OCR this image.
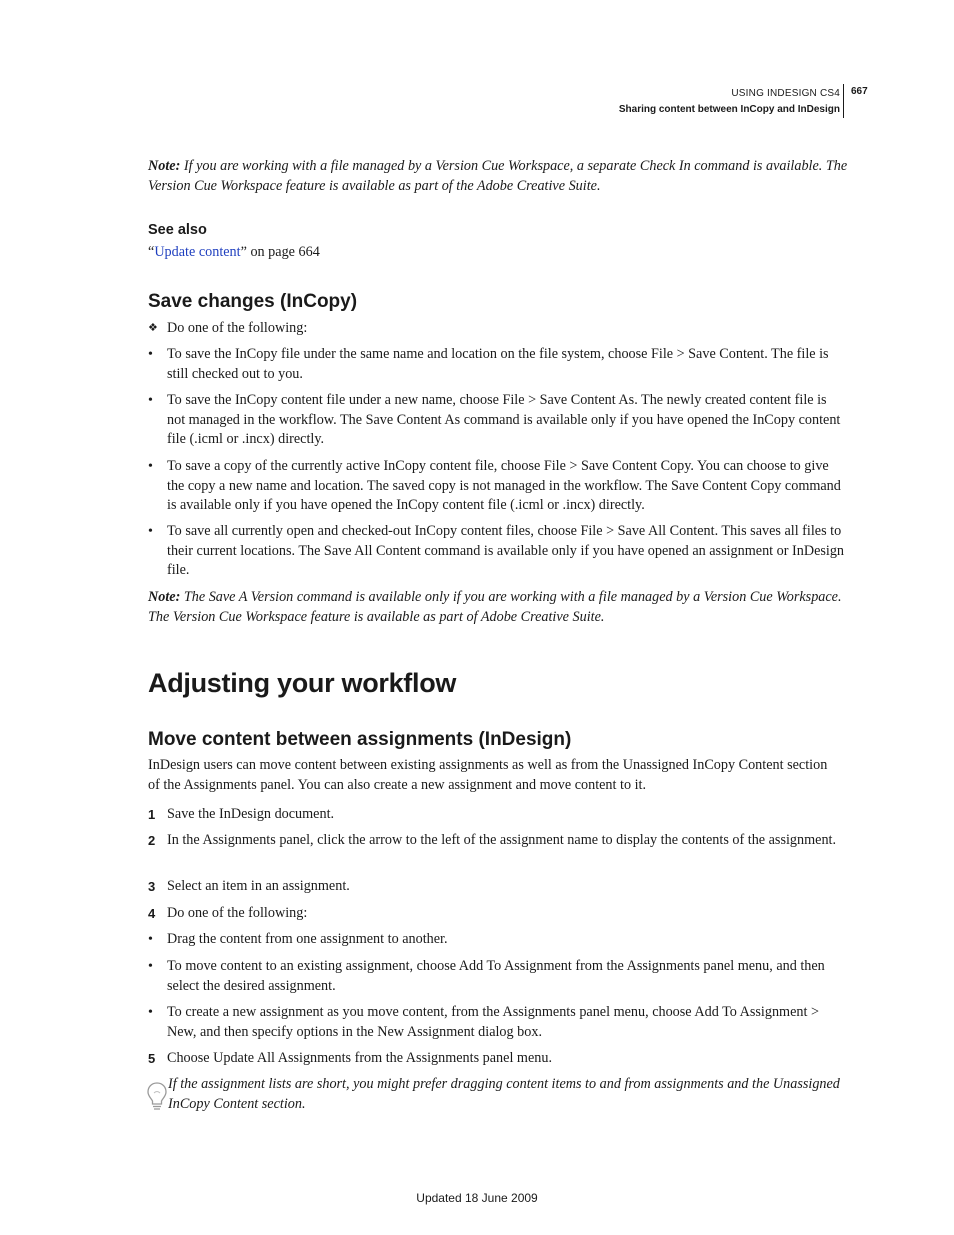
USING INDESIGN CS4
Sharing content between InCopy and InDesign
667
Note: If you are working with a file managed by a Version Cue Workspace, a separate Check In command is available. The Version Cue Workspace feature is available as part of the Adobe Creative Suite.
See also
“Update content” on page 664
Save changes (InCopy)
❖ Do one of the following:
• To save the InCopy file under the same name and location on the file system, choose File > Save Content. The file is still checked out to you.
• To save the InCopy content file under a new name, choose File > Save Content As. The newly created content file is not managed in the workflow. The Save Content As command is available only if you have opened the InCopy content file (.icml or .incx) directly.
• To save a copy of the currently active InCopy content file, choose File > Save Content Copy. You can choose to give the copy a new name and location. The saved copy is not managed in the workflow. The Save Content Copy command is available only if you have opened the InCopy content file (.icml or .incx) directly.
• To save all currently open and checked-out InCopy content files, choose File > Save All Content. This saves all files to their current locations. The Save All Content command is available only if you have opened an assignment or InDesign file.
Note: The Save A Version command is available only if you are working with a file managed by a Version Cue Workspace. The Version Cue Workspace feature is available as part of Adobe Creative Suite.
Adjusting your workflow
Move content between assignments (InDesign)
InDesign users can move content between existing assignments as well as from the Unassigned InCopy Content section of the Assignments panel. You can also create a new assignment and move content to it.
1 Save the InDesign document.
2 In the Assignments panel, click the arrow to the left of the assignment name to display the contents of the assignment.
3 Select an item in an assignment.
4 Do one of the following:
• Drag the content from one assignment to another.
• To move content to an existing assignment, choose Add To Assignment from the Assignments panel menu, and then select the desired assignment.
• To create a new assignment as you move content, from the Assignments panel menu, choose Add To Assignment > New, and then specify options in the New Assignment dialog box.
5 Choose Update All Assignments from the Assignments panel menu.
If the assignment lists are short, you might prefer dragging content items to and from assignments and the Unassigned InCopy Content section.
Updated 18 June 2009
